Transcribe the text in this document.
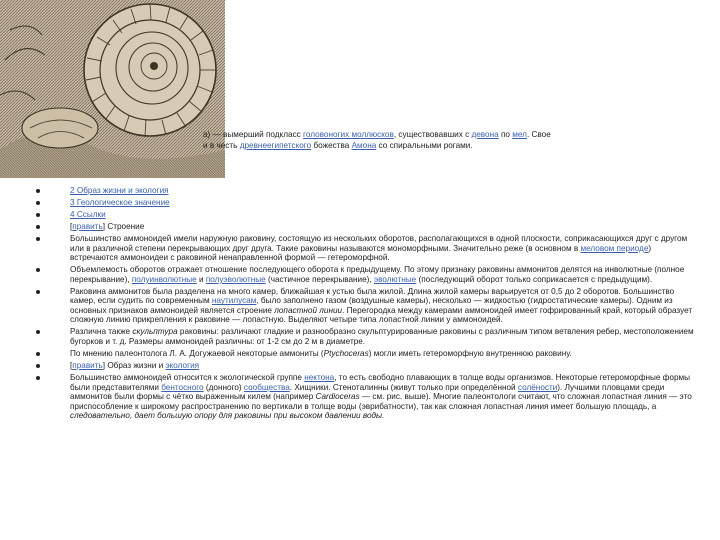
а) — вымерший подкласс головоногих моллюсков, существовавших с девона по мел. Свое
и в честь древнеегипетского божества Амона со спиральными рогами.
2 Образ жизни и экология
3 Геологическое значение
4 Ссылки
[править] Строение
Большинство аммоноидей имели наружную раковину, состоящую из нескольких оборотов, располагающихся в одной плоскости, соприкасающихся друг с другом или в различной степени перекрывающих друг друга. Такие раковины называются мономорфными. Значительно реже (в основном в меловом периоде) встречаются аммоноидеи с раковиной ненаправленной формой — гетероморфной.
Объемлемость оборотов отражает отношение последующего оборота к предыдущему. По этому признаку раковины аммонитов делятся на инволютные (полное перекрывание), полуинволютные и полуэволютные (частичное перекрывание), эволютные (последующий оборот только соприкасается с предыдущим).
Раковина аммонитов была разделена на много камер, ближайшая к устью была жилой. Длина жилой камеры варьируется от 0,5 до 2 оборотов. Большинство камер, если судить по современным наутилусам, было заполнено газом (воздушные камеры), несколько — жидкостью (гидростатические камеры). Одним из основных признаков аммоноидей является строение лопастной линии. Перегородка между камерами аммоноидей имеет гофрированный край, который образует сложную линию прикрепления к раковине — лопастную. Выделяют четыре типа лопастной линии у аммоноидей.
Различна также скульптура раковины: различают гладкие и разнообразно скульптурированные раковины с различным типом ветвления ребер, местоположением бугорков и т. д. Размеры аммоноидей различны: от 1-2 см до 2 м в диаметре.
По мнению палеонтолога Л. А. Догужаевой некоторые аммониты (Ptychoceras) могли иметь гетероморфную внутреннюю раковину.
[править] Образ жизни и экология
Большинство аммоноидей относится к экологической группе нектона, то есть свободно плавающих в толще воды организмов. Некоторые гетероморфные формы были представителями бентосного (донного) сообщества. Хищники. Стеноталинны (живут только при определённой солёности). Лучшими пловцами среди аммонитов были формы с чётко выраженным килем (например Cardioceras — см. рис. выше). Многие палеонтологи считают, что сложная лопастная линия — это приспособление к широкому распространению по вертикали в толще воды (эврибатности), так как сложная лопастная линия имеет большую площадь, а следовательно, дает большую опору для раковины при высоком давлении воды.
